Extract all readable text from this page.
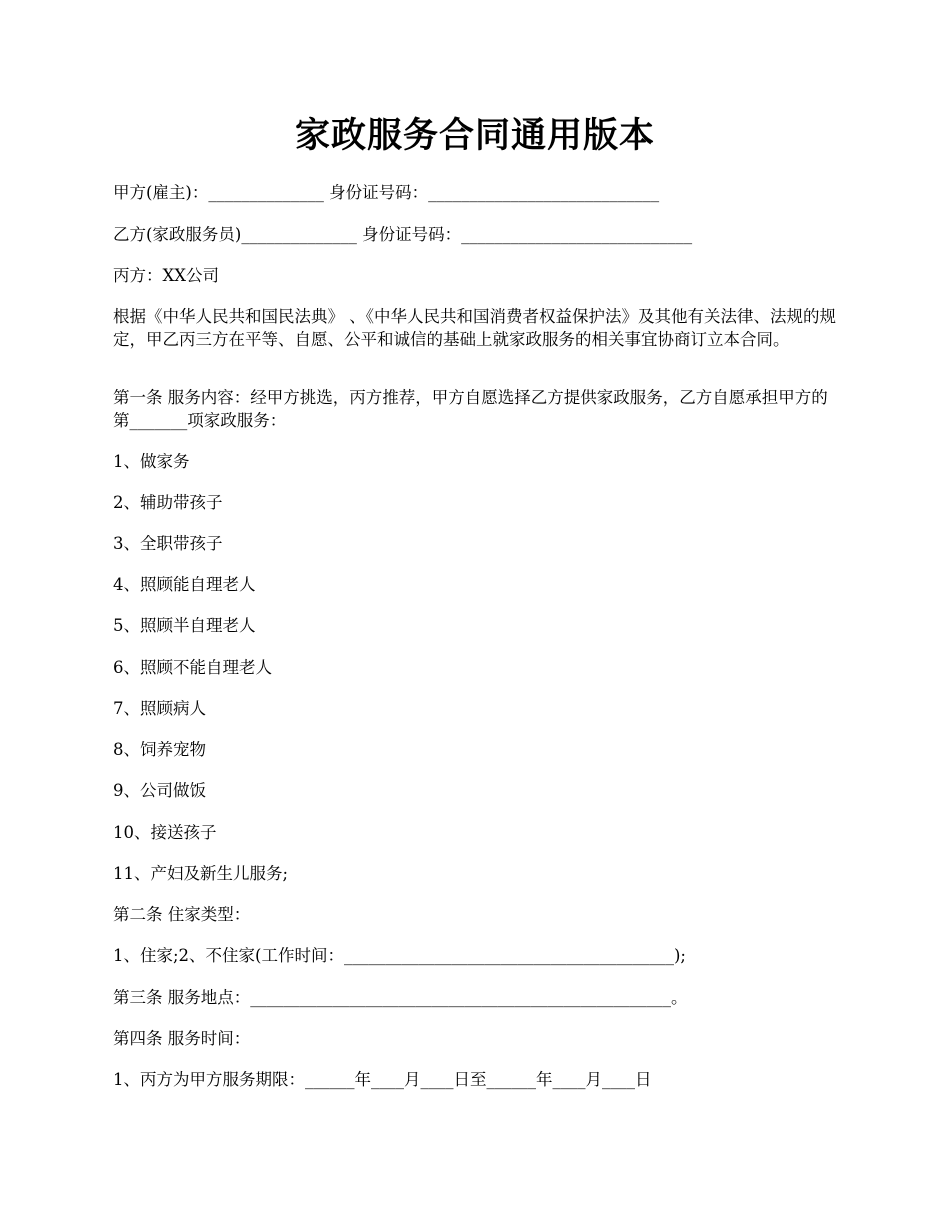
家政服务合同通用版本
甲方(雇主)：______________ 身份证号码：____________________________
乙方(家政服务员)______________ 身份证号码：____________________________
丙方：XX公司
根据《中华人民共和国民法典》 、《中华人民共和国消费者权益保护法》及其他有关法律、法规的规定，甲乙丙三方在平等、自愿、公平和诚信的基础上就家政服务的相关事宜协商订立本合同。
第一条 服务内容：经甲方挑选，丙方推荐，甲方自愿选择乙方提供家政服务，乙方自愿承担甲方的第_______项家政服务：
1、做家务
2、辅助带孩子
3、全职带孩子
4、照顾能自理老人
5、照顾半自理老人
6、照顾不能自理老人
7、照顾病人
8、饲养宠物
9、公司做饭
10、接送孩子
11、产妇及新生儿服务;
第二条 住家类型：
1、住家;2、不住家(工作时间：________________________________________);
第三条 服务地点：___________________________________________________。
第四条 服务时间：
1、丙方为甲方服务期限：______年____月____日至______年____月____日
